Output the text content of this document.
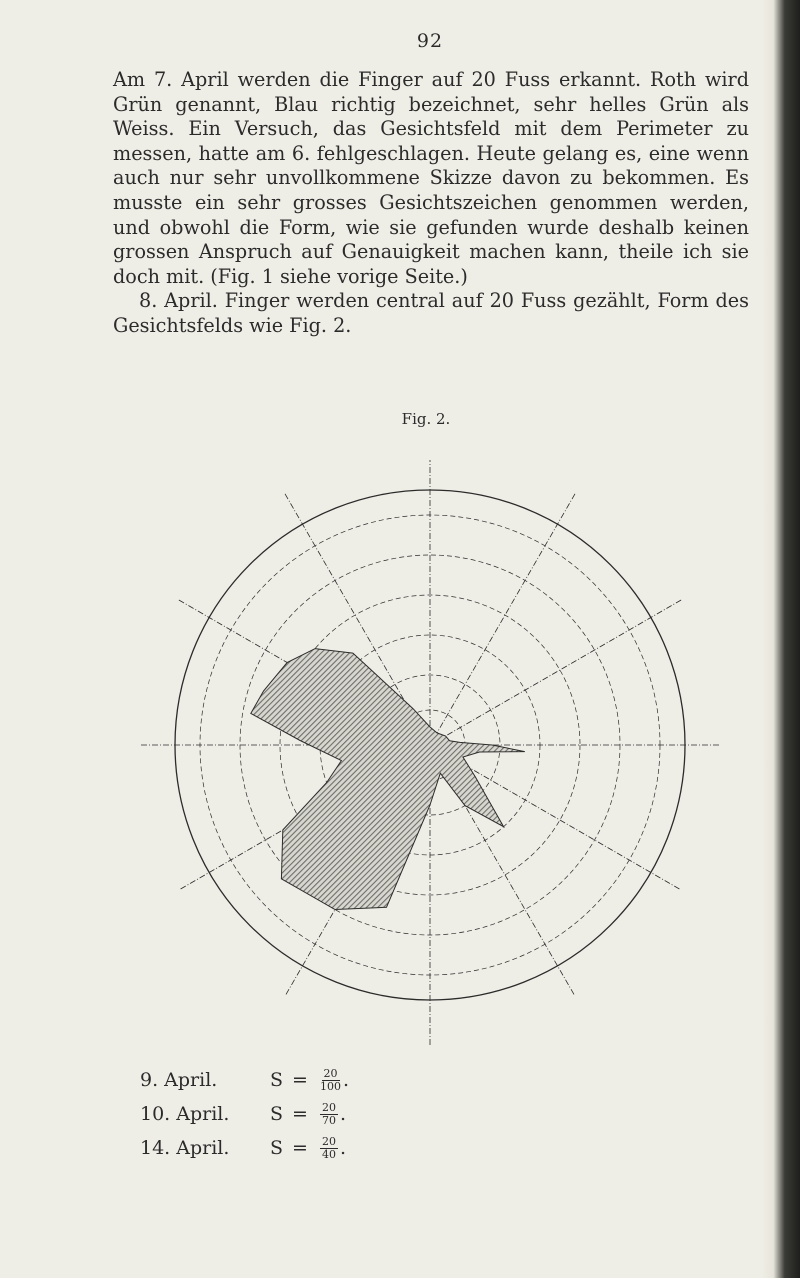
92

Am 7. April werden die Finger auf 20 Fuss erkannt. Roth wird Grün genannt, Blau richtig bezeichnet, sehr helles Grün als Weiss. Ein Versuch, das Gesichtsfeld mit dem Perimeter zu messen, hatte am 6. fehlgeschlagen. Heute gelang es, eine wenn auch nur sehr unvollkommene Skizze davon zu bekommen. Es musste ein sehr grosses Gesichtszeichen genommen werden, und obwohl die Form, wie sie gefunden wurde deshalb keinen grossen Anspruch auf Genauigkeit machen kann, theile ich sie doch mit. (Fig. 1 siehe vorige Seite.)

8. April. Finger werden central auf 20 Fuss gezählt, Form des Gesichtsfelds wie Fig. 2.

Fig. 2.
9. April.	S =	$\frac{20}{100}$ .
10. April.	S =	$\frac{20}{70}$ .
14. April.	S =	$\frac{20}{40}$ .
